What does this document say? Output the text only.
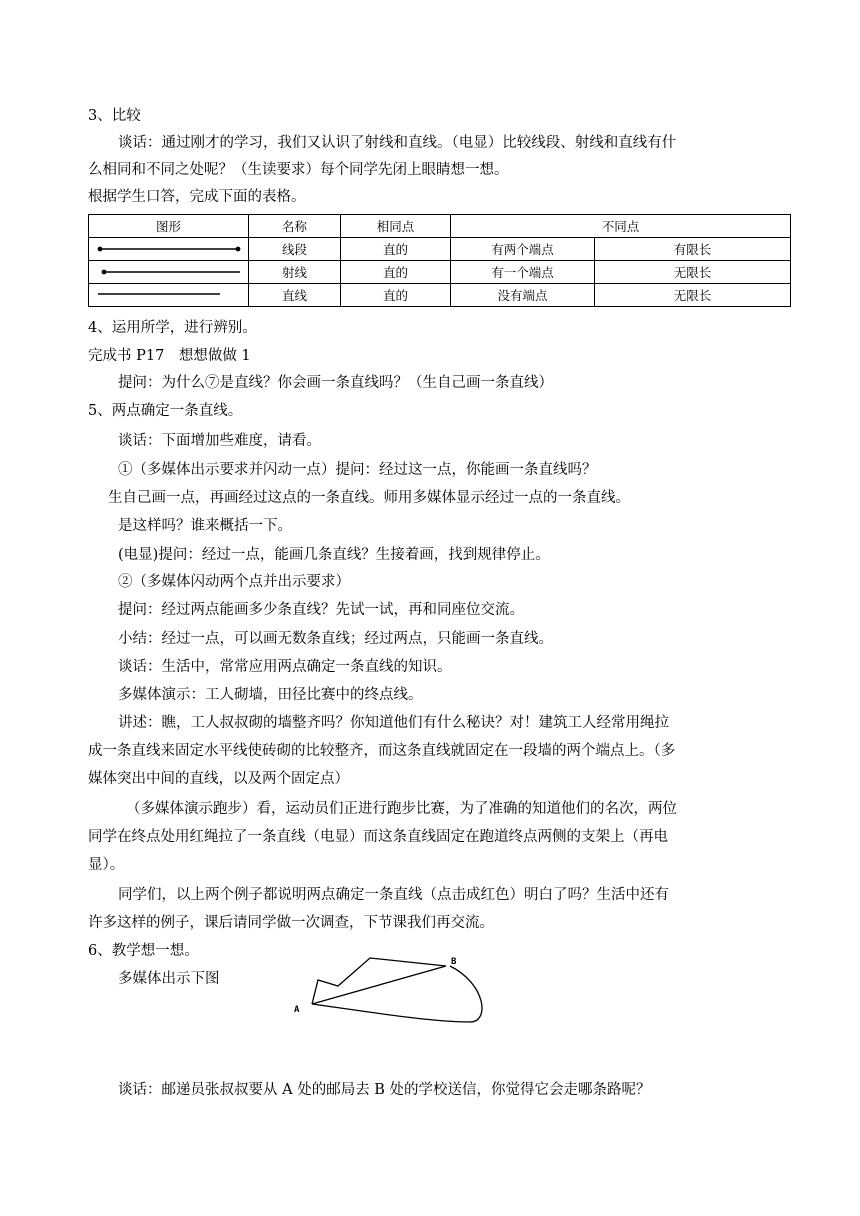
3、比较
谈话：通过刚才的学习，我们又认识了射线和直线。（电显）比较线段、射线和直线有什
么相同和不同之处呢？（生读要求）每个同学先闭上眼睛想一想。
根据学生口答，完成下面的表格。
图形	名称	相同点	不同点	

	线段	直的	有两个端点	有限长

	射线	直的	有一个端点	无限长

	直线	直的	没有端点	无限长
4、运用所学，进行辨别。
完成书 P17　想想做做 1
提问：为什么⑦是直线？你会画一条直线吗？（生自己画一条直线）
5、两点确定一条直线。
谈话：下面增加些难度，请看。
①（多媒体出示要求并闪动一点）提问：经过这一点，你能画一条直线吗？
生自己画一点，再画经过这点的一条直线。师用多媒体显示经过一点的一条直线。
是这样吗？谁来概括一下。
(电显)提问：经过一点，能画几条直线？生接着画，找到规律停止。
②（多媒体闪动两个点并出示要求）
提问：经过两点能画多少条直线？先试一试，再和同座位交流。
小结：经过一点，可以画无数条直线；经过两点，只能画一条直线。
谈话：生活中，常常应用两点确定一条直线的知识。
多媒体演示：工人砌墙，田径比赛中的终点线。
讲述：瞧，工人叔叔砌的墙整齐吗？你知道他们有什么秘诀？对！建筑工人经常用绳拉
成一条直线来固定水平线使砖砌的比较整齐，而这条直线就固定在一段墙的两个端点上。（多
媒体突出中间的直线，以及两个固定点）
（多媒体演示跑步）看，运动员们正进行跑步比赛，为了准确的知道他们的名次，两位
同学在终点处用红绳拉了一条直线（电显）而这条直线固定在跑道终点两侧的支架上（再电
显）。
同学们，以上两个例子都说明两点确定一条直线（点击成红色）明白了吗？生活中还有
许多这样的例子，课后请同学做一次调查，下节课我们再交流。
6、教学想一想。
多媒体出示下图
A
B
谈话：邮递员张叔叔要从 A 处的邮局去 B 处的学校送信，你觉得它会走哪条路呢？
